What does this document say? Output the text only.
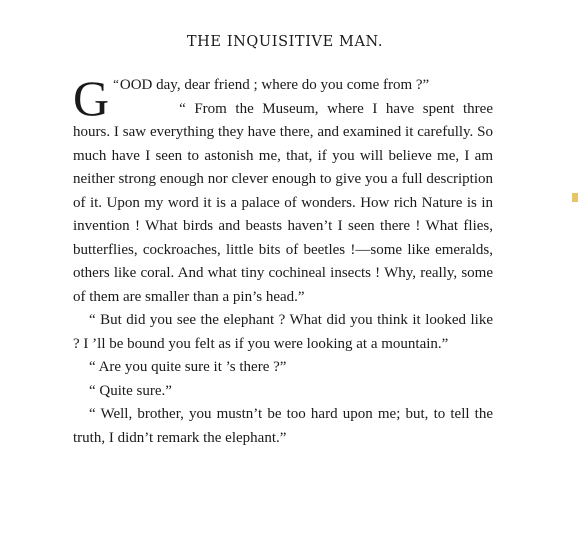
THE INQUISITIVE MAN.

“
G OOD day, dear friend ; where do you come from ?”

“ From the Museum, where I have spent three hours. I saw everything they have there, and examined it carefully. So much have I seen to astonish me, that, if you will believe me, I am neither strong enough nor clever enough to give you a full description of it. Upon my word it is a palace of wonders. How rich Nature is in invention ! What birds and beasts haven’t I seen there ! What flies, butterflies, cockroaches, little bits of beetles !—some like emeralds, others like coral. And what tiny cochineal insects ! Why, really, some of them are smaller than a pin’s head.”

“ But did you see the elephant ? What did you think it looked like ? I ’ll be bound you felt as if you were looking at a mountain.”

“ Are you quite sure it ’s there ?”

“ Quite sure.”

“ Well, brother, you mustn’t be too hard upon me; but, to tell the truth, I didn’t remark the elephant.”
